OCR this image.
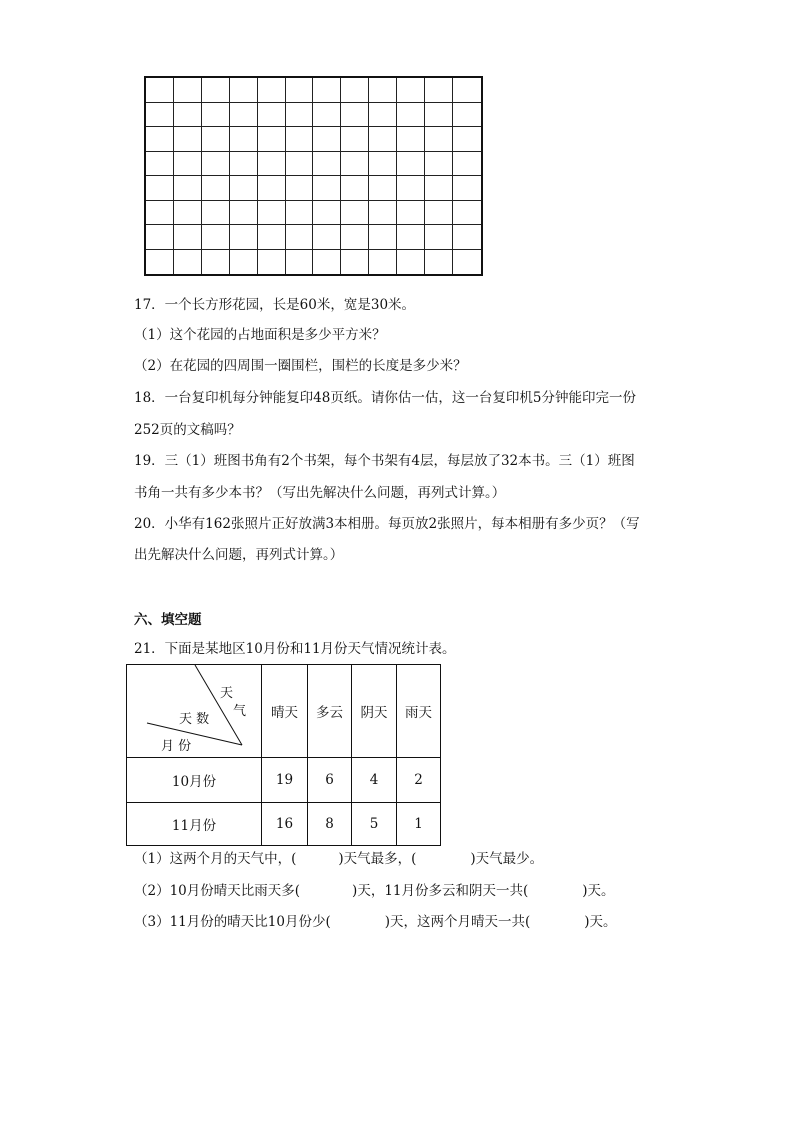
17．一个长方形花园，长是60米，宽是30米。
（1）这个花园的占地面积是多少平方米？
（2）在花园的四周围一圈围栏，围栏的长度是多少米？
18．一台复印机每分钟能复印48页纸。请你估一估，这一台复印机5分钟能印完一份
252页的文稿吗？
19．三（1）班图书角有2个书架，每个书架有4层，每层放了32本书。三（1）班图
书角一共有多少本书？（写出先解决什么问题，再列式计算。）
20．小华有162张照片正好放满3本相册。每页放2张照片，每本相册有多少页？（写
出先解决什么问题，再列式计算。）
六、填空题
21．下面是某地区10月份和11月份天气情况统计表。
天
气
天 数
月 份	晴天	多云	阴天	雨天
10月份	19	6	4	2
11月份	16	8	5	1
（1）这两个月的天气中，(	)天气最多，(	)天气最少。
（2）10月份晴天比雨天多(	)天，11月份多云和阴天一共(	)天。
（3）11月份的晴天比10月份少(	)天，这两个月晴天一共(	)天。
